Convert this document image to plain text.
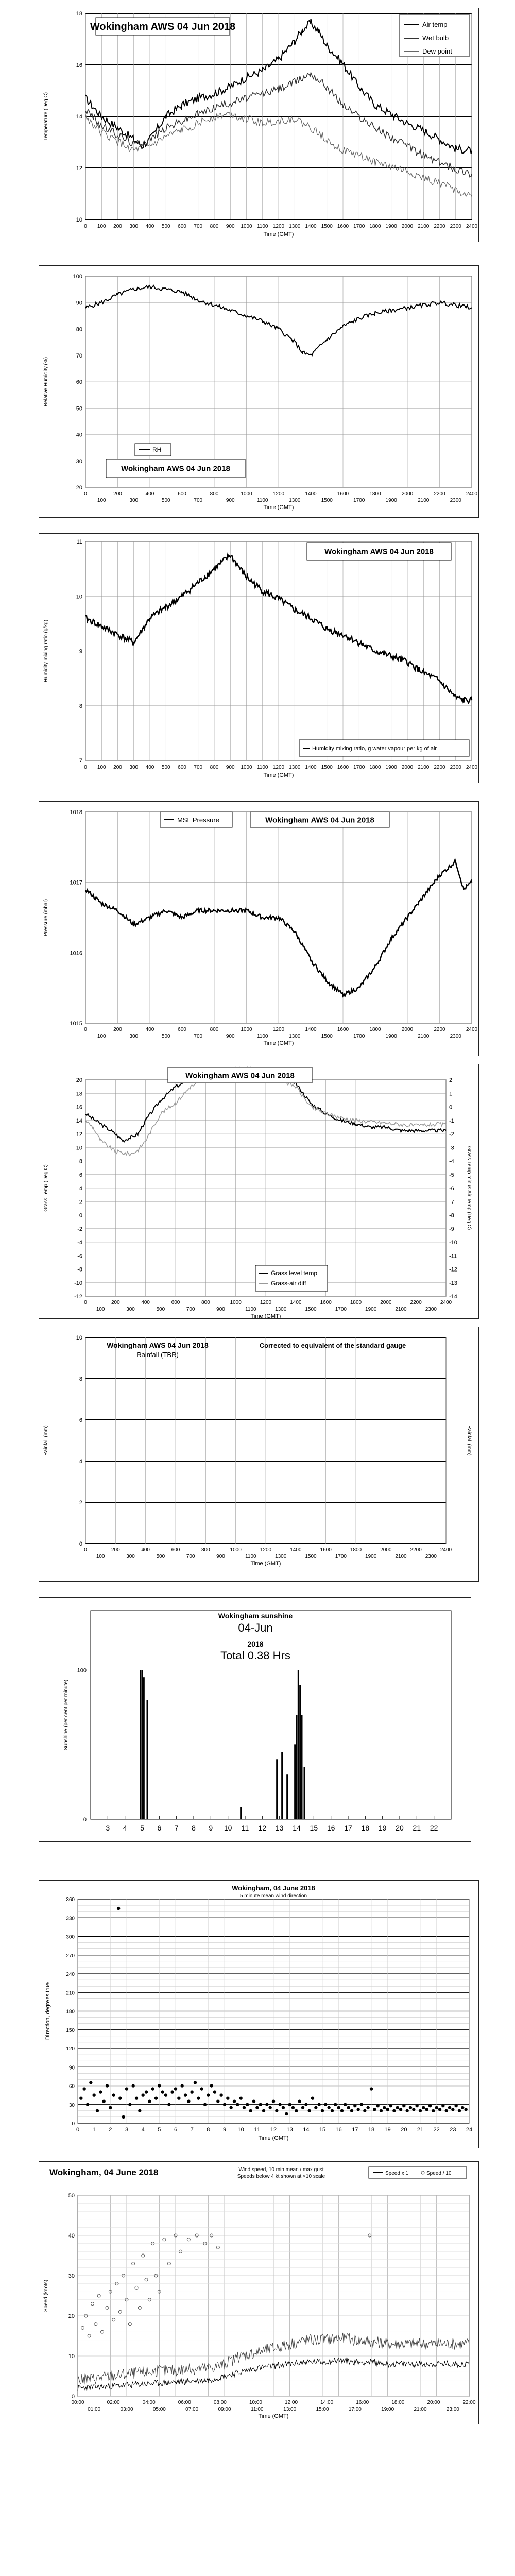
10
12
14
16
18
0 100 200 300 400 500 600 700 800 900 1000 1100 1200 1300 1400 1500 1600 1700 1800 1900 2000 2100 2200 2300 2400
Time (GMT)
Temperature (Deg C)
Wokingham AWS 04 Jun 2018	Air temp
Wet bulb
Dew point
20
30
40
50
60
70
80
90
100
0	200	400	600	800	1000	1200	1400	1600	1800	2000	2200	2400
100	300	500	700	900	1100	1300	1500	1700	1900	2100	2300
Time (GMT)
Relative Humidity (%)
RH
Wokingham AWS 04 Jun 2018
7
8
9
10
11
0 100 200 300 400 500 600 700 800 900 1000 1100 1200 1300 1400 1500 1600 1700 1800 1900 2000 2100 2200 2300 2400
Time (GMT)
Humidity mixing ratio (g/kg)
Wokingham AWS 04 Jun 2018
Humidity mixing ratio, g water vapour per kg of air
1015
1016
1017
1018
0	200	400	600	800	1000	1200	1400	1600	1800	2000	2200	2400
100	300	500	700	900	1100	1300	1500	1700	1900	2100	2300
Time (GMT)
Pressure (mbar)
MSL Pressure	Wokingham AWS 04 Jun 2018
-12
-10
-8
-6
-4
-2
0
2
4
6
8
10
12
14
16
18
20
-14
-13
-12
-11
-10
-9
-8
-7
-6
-5
-4
-3
-2
-1
0
1
2
0	200	400	600	800	1000	1200	1400	1600	1800	2000	2200	2400
100	300	500	700	900	1100	1300	1500	1700	1900	2100	2300
Time (GMT)
Grass Temp (Deg C)	Grass Temp minus Air Temp (Deg C)
Wokingham AWS 04 Jun 2018
Grass level temp
Grass-air diff
0
2
4
6
8
10
0	200	400	600	800	1000	1200	1400	1600	1800	2000	2200	2400
100	300	500	700	900	1100	1300	1500	1700	1900	2100	2300
Time (GMT)
Rainfall (mm)	Rainfall (mm)
Wokingham AWS 04 Jun 2018
Rainfall (TBR)
Corrected to equivalent of the standard gauge
0
100
3 4 5 6 7 8 9 10 11 12 13 14 15 16 17 18 19 20 21 22
Sunshine (per cent per minute)
Wokingham sunshine
04-Jun
2018
Total 0.38 Hrs
0
30
60
90
120
150
180
210
240
270
300
330
360
0 1 2 3 4 5 6 7 8 9 10 11 12 13 14 15 16 17 18 19 20 21 22 23 24
Time (GMT)
Direction, degrees true
Wokingham, 04 June 2018
5 minute mean wind direction
0
10
20
30
40
50
00:00	02:00	04:00	06:00	08:00	10:00	12:00	14:00	16:00	18:00	20:00	22:00
01:00	03:00	05:00	07:00	09:00	11:00	13:00	15:00	17:00	19:00	21:00	23:00
Time (GMT)
Speed (knots)
Wokingham, 04 June 2018	Wind speed, 10 min mean / max gust
Speeds below 4 kt shown at ×10 scale
Speed x 1	Speed / 10
